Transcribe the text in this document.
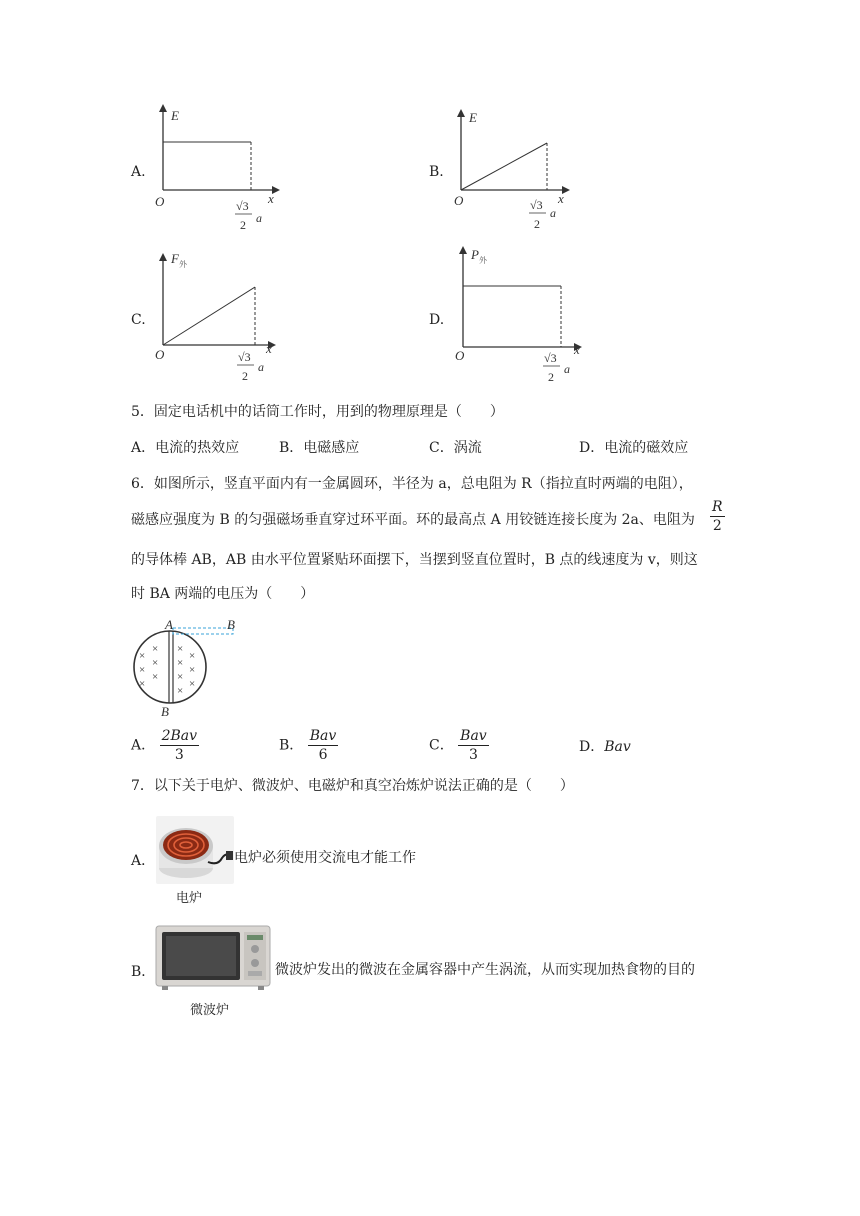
A.
E
O	x
√3
2 a
B.
E
O	x
√3
2
a
C.
F 外
O	x
√3
2
a
D.
P 外
O	x
√3
2
a
5．固定电话机中的话筒工作时，用到的物理原理是（　　）
A．电流的热效应	B．电磁感应	C．涡流	D．电流的磁效应
6．如图所示，竖直平面内有一金属圆环，半径为 a，总电阻为 R（指拉直时两端的电阻），
磁感应强度为 B 的匀强磁场垂直穿过环平面。环的最高点 A 用铰链连接长度为 2a、电阻为 $\frac{R}{2}$
的导体棒 AB，AB 由水平位置紧贴环面摆下，当摆到竖直位置时，B 点的线速度为 v，则这
时 BA 两端的电压为（　　）
A	B
B
×
×
×
×
×
×
×
×
×
×
×
×
×
A． $\frac{\text{2Bav}}{3}$	B． $\frac{\text{Bav}}{6}$	C． $\frac{\text{Bav}}{3}$	D．Bav
7．以下关于电炉、微波炉、电磁炉和真空冶炼炉说法正确的是（　　）
A．	电炉必须使用交流电才能工作
电炉
B．	微波炉发出的微波在金属容器中产生涡流，从而实现加热食物的目的
微波炉
